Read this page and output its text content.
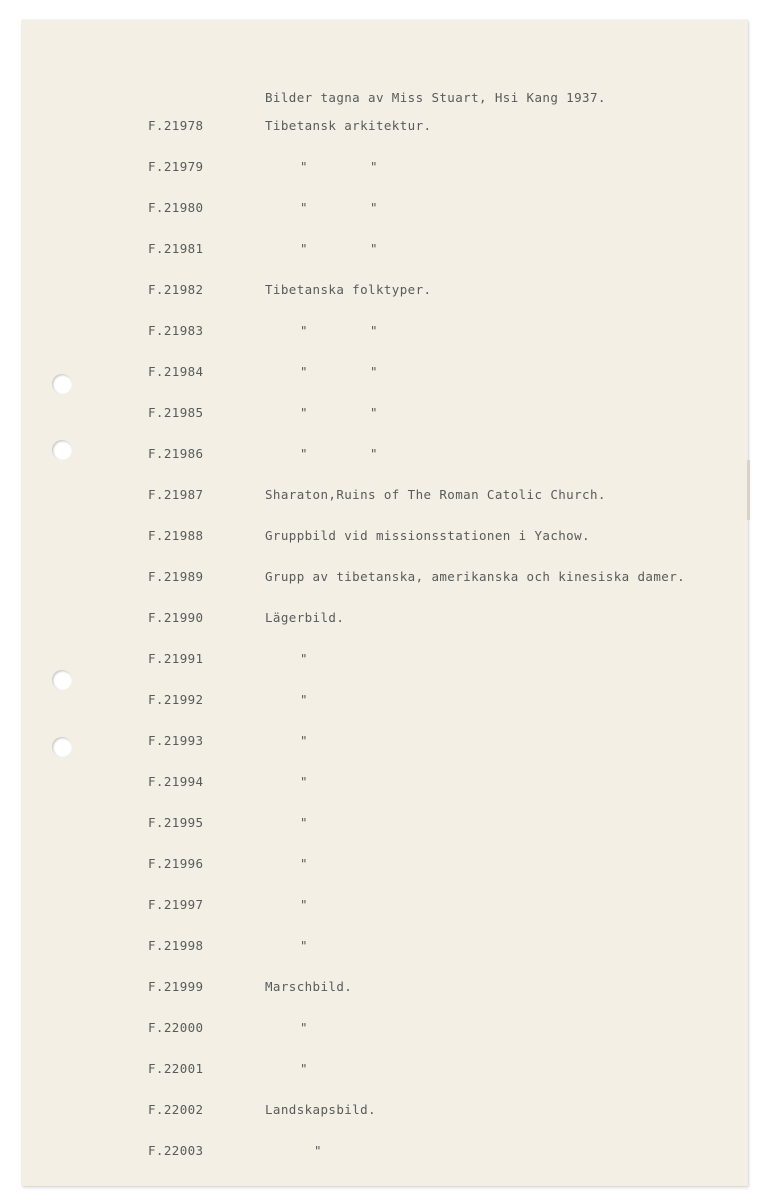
Bilder tagna av Miss Stuart, Hsi Kang 1937.
F.21978	Tibetansk arkitektur.
F.21979	"	"
F.21980	"	"
F.21981	"	"
F.21982	Tibetanska folktyper.
F.21983	"	"
F.21984	"	"
F.21985	"	"
F.21986	"	"
F.21987	Sharaton,Ruins of The Roman Catolic Church.
F.21988	Gruppbild vid missionsstationen i Yachow.
F.21989	Grupp av tibetanska, amerikanska och kinesiska damer.
F.21990	Lägerbild.
F.21991	"
F.21992	"
F.21993	"
F.21994	"
F.21995	"
F.21996	"
F.21997	"
F.21998	"
F.21999	Marschbild.
F.22000	"
F.22001	"
F.22002	Landskapsbild.
F.22003	"
